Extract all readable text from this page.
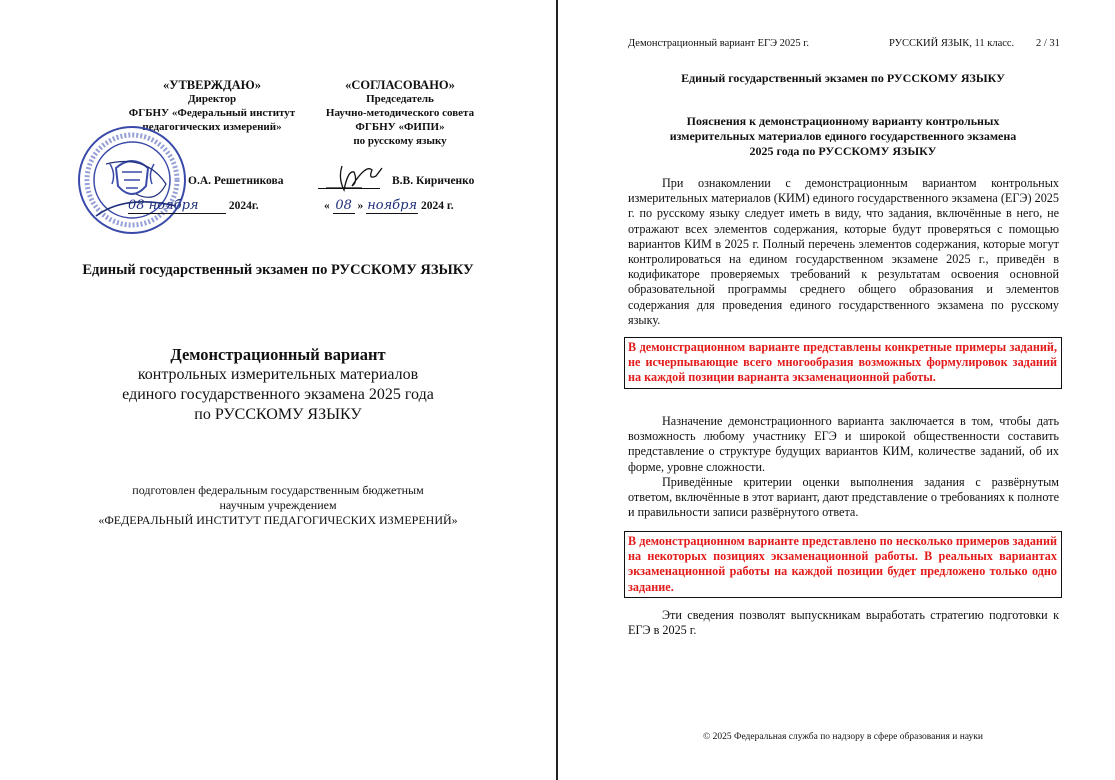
«УТВЕРЖДАЮ»
Директор
ФГБНУ «Федеральный институт
педагогических измерений»
О.А. Решетникова
08 ноября	2024г.
«СОГЛАСОВАНО»
Председатель
Научно-методического совета
ФГБНУ «ФИПИ»
по русскому языку
В.В. Кириченко
« 08 » ноября 2024 г.
Единый государственный экзамен по РУССКОМУ ЯЗЫКУ
Демонстрационный вариант
контрольных измерительных материалов
единого государственного экзамена 2025 года
по РУССКОМУ ЯЗЫКУ
подготовлен федеральным государственным бюджетным
научным учреждением
«ФЕДЕРАЛЬНЫЙ ИНСТИТУТ ПЕДАГОГИЧЕСКИХ ИЗМЕРЕНИЙ»
Демонстрационный вариант ЕГЭ 2025 г.	РУССКИЙ ЯЗЫК, 11 класс. 2 / 31
Единый государственный экзамен по РУССКОМУ ЯЗЫКУ
Пояснения к демонстрационному варианту контрольных
измерительных материалов единого государственного экзамена
2025 года по РУССКОМУ ЯЗЫКУ
При ознакомлении с демонстрационным вариантом контрольных измерительных материалов (КИМ) единого государственного экзамена (ЕГЭ) 2025 г. по русскому языку следует иметь в виду, что задания, включённые в него, не отражают всех элементов содержания, которые будут проверяться с помощью вариантов КИМ в 2025 г. Полный перечень элементов содержания, которые могут контролироваться на едином государственном экзамене 2025 г., приведён в кодификаторе проверяемых требований к результатам освоения основной образовательной программы среднего общего образования и элементов содержания для проведения единого государственного экзамена по русскому языку.
В демонстрационном варианте представлены конкретные примеры заданий, не исчерпывающие всего многообразия возможных формулировок заданий на каждой позиции варианта экзаменационной работы.
Назначение демонстрационного варианта заключается в том, чтобы дать возможность любому участнику ЕГЭ и широкой общественности составить представление о структуре будущих вариантов КИМ, количестве заданий, об их форме, уровне сложности.
Приведённые критерии оценки выполнения задания с развёрнутым ответом, включённые в этот вариант, дают представление о требованиях к полноте и правильности записи развёрнутого ответа.
В демонстрационном варианте представлено по несколько примеров заданий на некоторых позициях экзаменационной работы. В реальных вариантах экзаменационной работы на каждой позиции будет предложено только одно задание.
Эти сведения позволят выпускникам выработать стратегию подготовки к ЕГЭ в 2025 г.
© 2025 Федеральная служба по надзору в сфере образования и науки
